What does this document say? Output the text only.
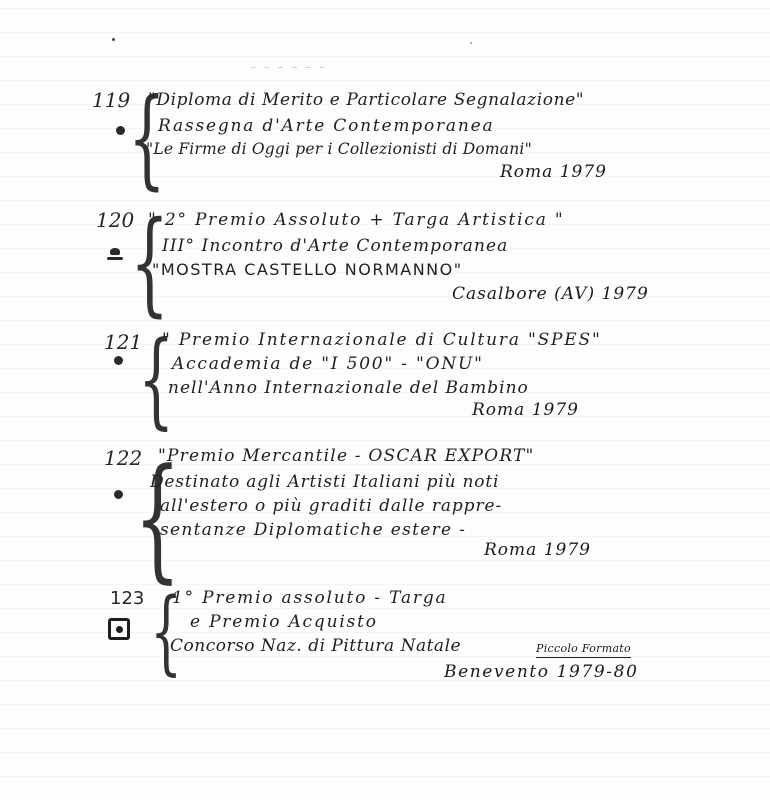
– – – – – –
119
{
"Diploma di Merito e Particolare Segnalazione"
Rassegna d'Arte Contemporanea
"Le Firme di Oggi per i Collezionisti di Domani"
Roma 1979
120
{
" 2° Premio Assoluto + Targa Artistica "
III° Incontro d'Arte Contemporanea
"MOSTRA CASTELLO NORMANNO"
Casalbore (AV) 1979
121
{
" Premio Internazionale di Cultura "SPES"
Accademia de "I 500" - "ONU"
nell'Anno Internazionale del Bambino
Roma 1979
122
{
"Premio Mercantile - OSCAR EXPORT"
Destinato agli Artisti Italiani più noti
all'estero o più graditi dalle rappre-
sentanze Diplomatiche estere -
Roma 1979
123 {
1° Premio assoluto - Targa
e Premio Acquisto
Concorso Naz. di Pittura Natale	Piccolo Formato
Benevento 1979-80
